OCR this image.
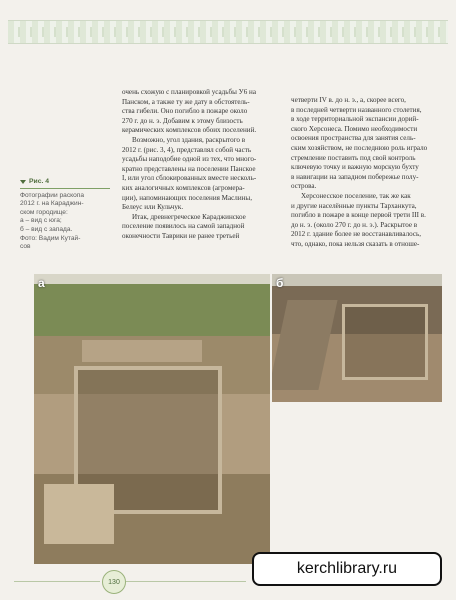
Рис. 4
Фотографии раскопа
2012 г. на Караджин-
ском городище:
а – вид с юга;
б – вид с запада.
Фото: Вадим Кутай-
сов
очень схожую с планировкой усадьбы У6 на
Панском, а также ту же дату в обстоятель-
ства гибели. Оно погибло в пожаре около
270 г. до н. э. Добавим к этому близость
керамических комплексов обоих поселений.
Возможно, угол здания, раскрытого в
2012 г. (рис. 3, 4), представлял собой часть
усадьбы наподобие одной из тех, что много-
кратно представлены на поселении Панское
I, или угол сблокированных вместе несколь-
ких аналогичных комплексов (агромера-
ции), напоминающих поселения Маслины,
Белеус или Кульчук.
Итак, древнегреческое Караджинское
поселение появилось на самой западной
оконечности Таврики не ранее третьей
четверти IV в. до н. э., а, скорее всего,
в последней четверти названного столетия,
в ходе территориальной экспансии дорий-
ского Херсонеса. Помимо необходимости
освоения пространства для занятия сель-
ским хозяйством, не последнюю роль играло
стремление поставить под свой контроль
ключевую точку и важную морскую бухту
в навигации на западном побережье полу-
острова.
Херсонесское поселение, так же как
и другие населённые пункты Тарханкута,
погибло в пожаре в конце первой трети III в.
до н. э. (около 270 г. до н. э.). Раскрытое в
2012 г. здание более не восстанавливалось,
что, однако, пока нельзя сказать в отноше-
а	б
130
kerchlibrary.ru
